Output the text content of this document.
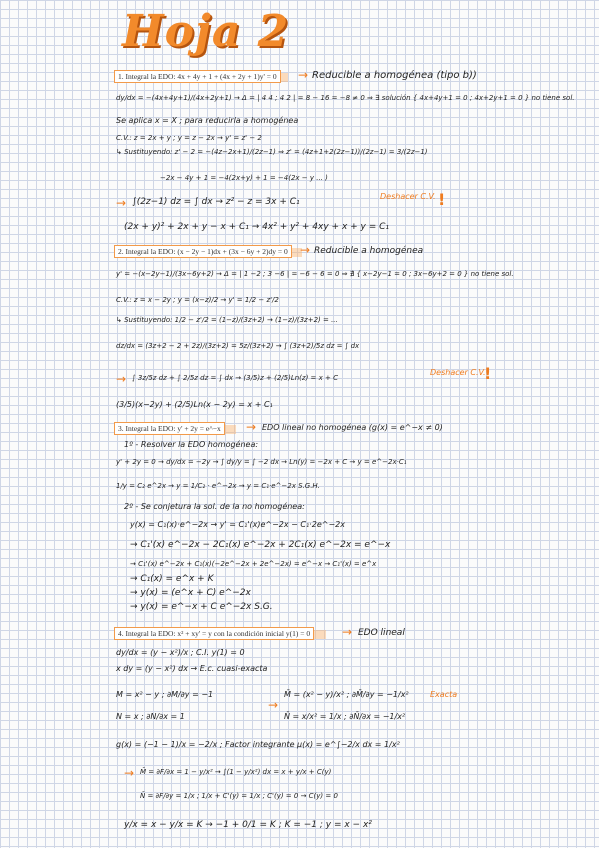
Hoja 2
1. Integral la EDO: 4x + 4y + 1 + (4x + 2y + 1)y' = 0	→ Reducible a homogénea (tipo b))
dy/dx = −(4x+4y+1)/(4x+2y+1) → Δ = | 4 4 ; 4 2 | = 8 − 16 = −8 ≠ 0 ⇒ ∃ solución { 4x+4y+1 = 0 ; 4x+2y+1 = 0 } no tiene sol.
Se aplica x = X ; para reducirla a homogénea
C.V.: z = 2x + y ; y = z − 2x → y' = z' − 2
↳ Sustituyendo: z' − 2 = −(4z−2x+1)/(2z−1) ⇒ z' = (4z+1+2(2z−1))/(2z−1) = 3/(2z−1)
−2x − 4y + 1 = −4(2x+y) + 1 = −4(2x − y ... )
→ ∫(2z−1) dz = ∫ dx → z² − z = 3x + C₁
Deshacer C.V. !
(2x + y)² + 2x + y − x + C₁ → 4x² + y² + 4xy + x + y = C₁
2. Integral la EDO: (x − 2y − 1)dx + (3x − 6y + 2)dy = 0	→ Reducible a homogénea
y' = −(x−2y−1)/(3x−6y+2) → Δ = | 1 −2 ; 3 −6 | = −6 − 6 = 0 ⇒ ∄ { x−2y−1 = 0 ; 3x−6y+2 = 0 } no tiene sol.
C.V.: z = x − 2y ; y = (x−z)/2 → y' = 1/2 − z'/2
↳ Sustituyendo: 1/2 − z'/2 = (1−z)/(3z+2) → (1−z)/(3z+2) = ...
dz/dx = (3z+2 − 2 + 2z)/(3z+2) = 5z/(3z+2) → ∫ (3z+2)/5z dz = ∫ dx
→ ∫ 3z/5z dz + ∫ 2/5z dz = ∫ dx → (3/5)z + (2/5)Ln(z) = x + C
Deshacer C.V.
!
(3/5)(x−2y) + (2/5)Ln(x − 2y) = x + C₁
3. Integral la EDO: y' + 2y = e^−x	→ EDO lineal no homogénea (g(x) = e^−x ≠ 0)
1º - Resolver la EDO homogénea:
y' + 2y = 0 → dy/dx = −2y → ∫ dy/y = ∫ −2 dx → Ln(y) = −2x + C → y = e^−2x·C₁
1/y = C₂ e^2x → y = 1/C₂ · e^−2x → y = C₁·e^−2x S.G.H.
2º - Se conjetura la sol. de la no homogénea:
y(x) = C₁(x)·e^−2x → y' = C₁'(x)e^−2x − C₁·2e^−2x
→ C₁'(x) e^−2x − 2C₁(x) e^−2x + 2C₁(x) e^−2x = e^−x
→ C₁'(x) e^−2x + C₁(x)(−2e^−2x + 2e^−2x) = e^−x → C₁'(x) = e^x
→ C₁(x) = e^x + K
→ y(x) = (e^x + C) e^−2x
→ y(x) = e^−x + C e^−2x S.G.
4. Integral la EDO: x² + xy' = y con la condición inicial y(1) = 0	→ EDO lineal
dy/dx = (y − x²)/x ; C.I. y(1) = 0
x dy = (y − x²) dx → E.c. cuasi-exacta
M = x² − y ; ∂M/∂y = −1
N = x ; ∂N/∂x = 1
→
M̄ = (x² − y)/x² ; ∂M̄/∂y = −1/x²
N̄ = x/x² = 1/x ; ∂N̄/∂x = −1/x²
Exacta
g(x) = (−1 − 1)/x = −2/x ; Factor integrante μ(x) = e^∫−2/x dx = 1/x²
→ M̄ = ∂F/∂x = 1 − y/x² → ∫(1 − y/x²) dx = x + y/x + C(y)
N̄ = ∂F/∂y = 1/x ; 1/x + C'(y) = 1/x ; C'(y) = 0 → C(y) = 0
y/x = x − y/x = K → −1 + 0/1 = K ; K = −1 ; y = x − x²
